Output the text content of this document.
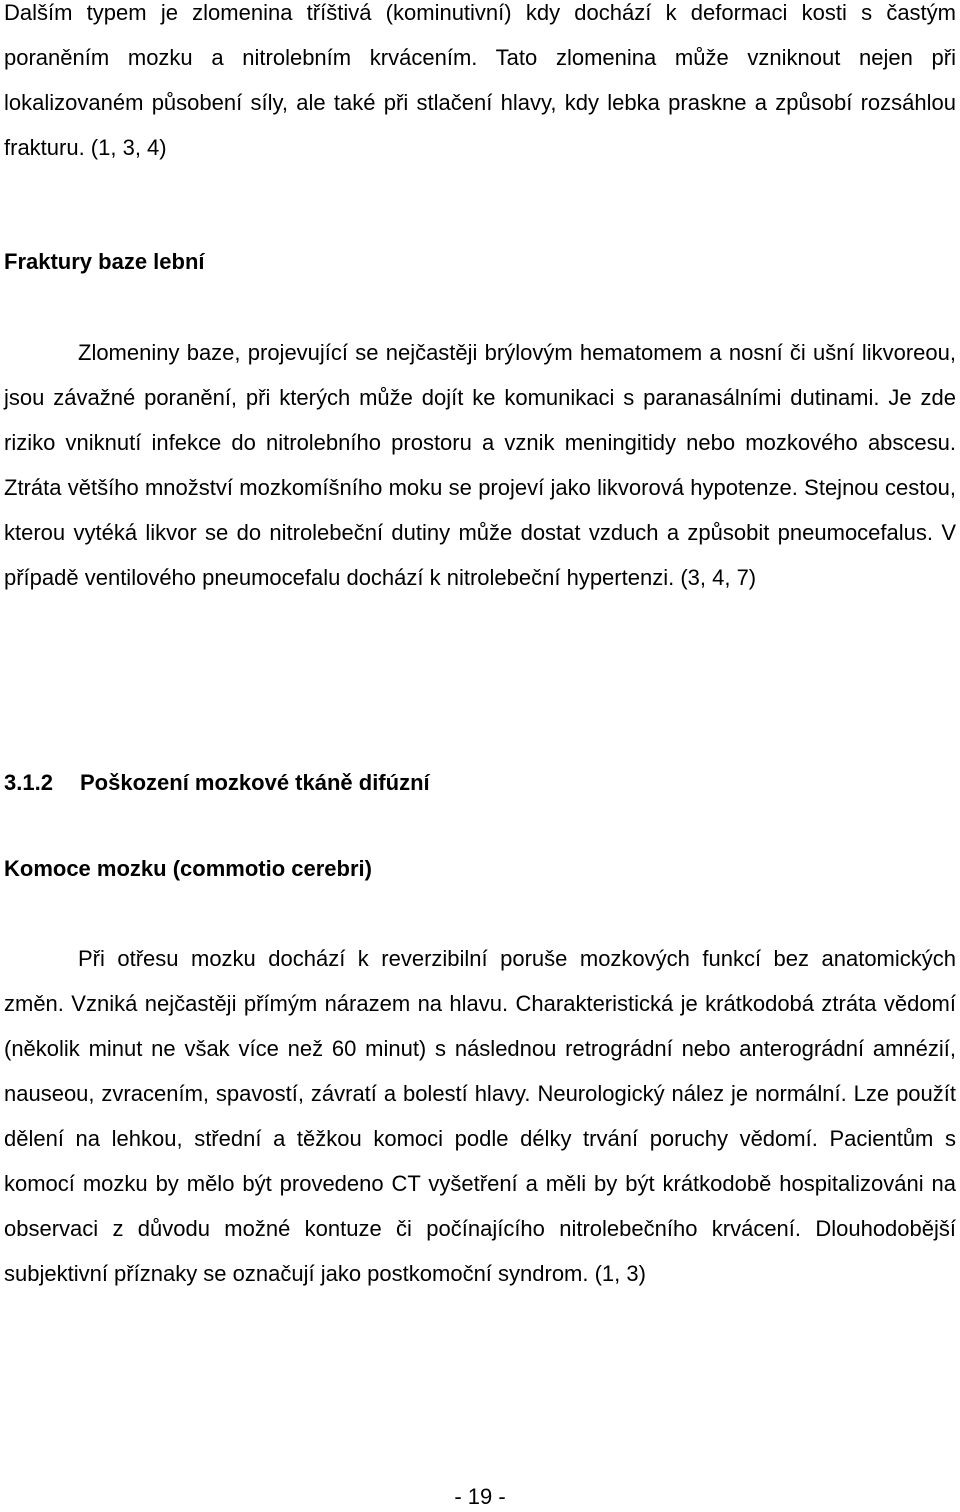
Dalším typem je zlomenina tříštivá (kominutivní) kdy dochází k deformaci kosti s častým poraněním mozku a nitrolebním krvácením. Tato zlomenina může vzniknout nejen při lokalizovaném působení síly, ale také při stlačení hlavy, kdy lebka praskne a způsobí rozsáhlou frakturu. (1, 3, 4)

Fraktury baze lební

Zlomeniny baze, projevující se nejčastěji brýlovým hematomem a nosní či ušní likvoreou, jsou závažné poranění, při kterých může dojít ke komunikaci s paranasálními dutinami. Je zde riziko vniknutí infekce do nitrolebního prostoru a vznik meningitidy nebo mozkového abscesu. Ztráta většího množství mozkomíšního moku se projeví jako likvorová hypotenze. Stejnou cestou, kterou vytéká likvor se do nitrolebeční dutiny může dostat vzduch a způsobit pneumocefalus. V případě ventilového pneumocefalu dochází k nitrolebeční hypertenzi. (3, 4, 7)

3.1.2 Poškození mozkové tkáně difúzní
Komoce mozku (commotio cerebri)

Při otřesu mozku dochází k reverzibilní poruše mozkových funkcí bez anatomických změn. Vzniká nejčastěji přímým nárazem na hlavu. Charakteristická je krátkodobá ztráta vědomí (několik minut ne však více než 60 minut) s následnou retrográdní nebo anterográdní amnézií, nauseou, zvracením, spavostí, závratí a bolestí hlavy. Neurologický nález je normální. Lze použít dělení na lehkou, střední a těžkou komoci podle délky trvání poruchy vědomí. Pacientům s komocí mozku by mělo být provedeno CT vyšetření a měli by být krátkodobě hospitalizováni na observaci z důvodu možné kontuze či počínajícího nitrolebečního krvácení. Dlouhodobější subjektivní příznaky se označují jako postkomoční syndrom. (1, 3)

- 19 -
